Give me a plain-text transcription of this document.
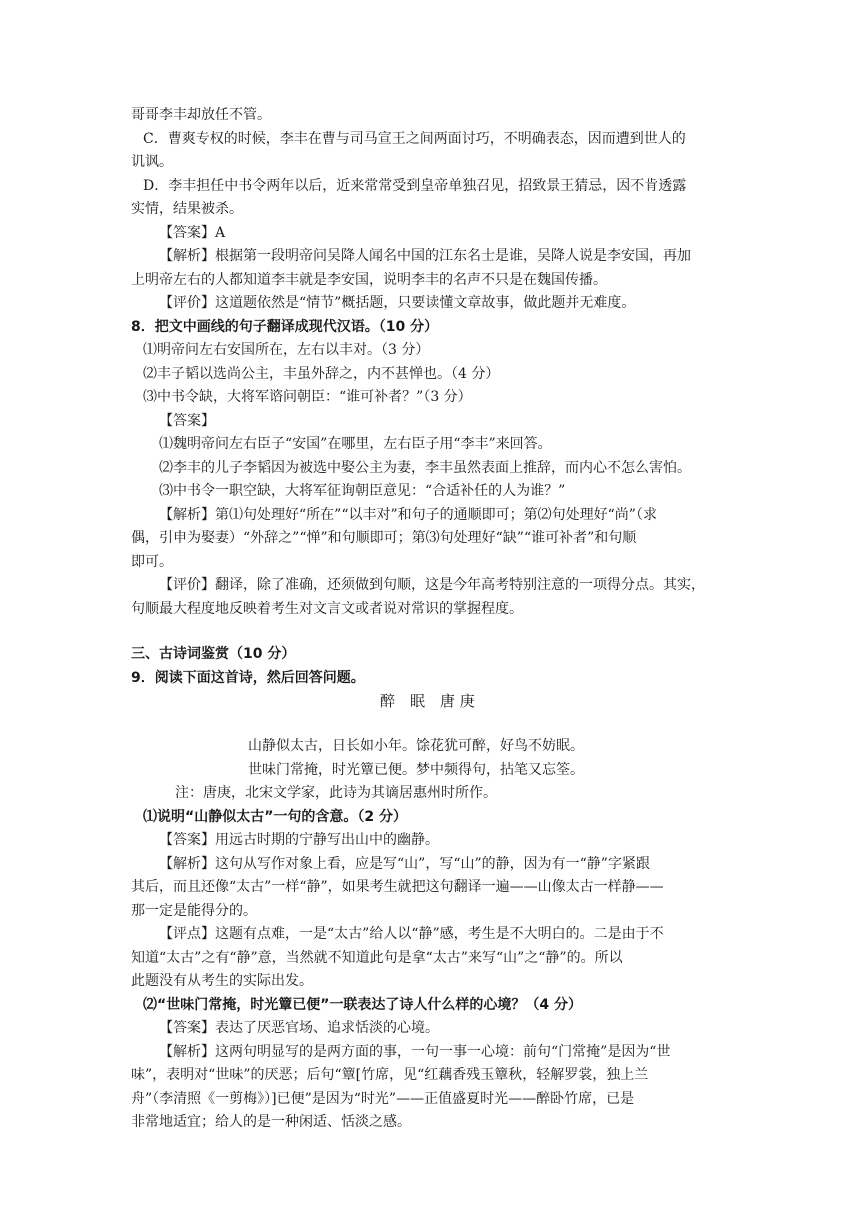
哥哥李丰却放任不管。
C．曹爽专权的时候，李丰在曹与司马宣王之间两面讨巧，不明确表态，因而遭到世人的
讥讽。
D．李丰担任中书令两年以后，近来常常受到皇帝单独召见，招致景王猜忌，因不肯透露
实情，结果被杀。
【答案】A
【解析】根据第一段明帝问吴降人闻名中国的江东名士是谁，吴降人说是李安国，再加
上明帝左右的人都知道李丰就是李安国，说明李丰的名声不只是在魏国传播。
【评价】这道题依然是“情节”概括题，只要读懂文章故事，做此题并无难度。
8．把文中画线的句子翻译成现代汉语。（10 分）
⑴明帝问左右安国所在，左右以丰对。（3 分）
⑵丰子韬以选尚公主，丰虽外辞之，内不甚惮也。（4 分）
⑶中书令缺，大将军谘问朝臣：“谁可补者？”（3 分）
【答案】
⑴魏明帝问左右臣子“安国”在哪里，左右臣子用“李丰”来回答。
⑵李丰的儿子李韬因为被选中娶公主为妻，李丰虽然表面上推辞，而内心不怎么害怕。
⑶中书令一职空缺，大将军征询朝臣意见：“合适补任的人为谁？”
【解析】第⑴句处理好“所在”“以丰对”和句子的通顺即可；第⑵句处理好“尚”（求
偶，引申为娶妻）“外辞之”“惮”和句顺即可；第⑶句处理好“缺”“谁可补者”和句顺
即可。
【评价】翻译，除了准确，还须做到句顺，这是今年高考特别注意的一项得分点。其实，
句顺最大程度地反映着考生对文言文或者说对常识的掌握程度。
三、古诗词鉴赏（10 分）
9．阅读下面这首诗，然后回答问题。
醉　眠　唐 庚
山静似太古，日长如小年。馀花犹可醉，好鸟不妨眠。
世味门常掩，时光簟已便。梦中频得句，拈笔又忘筌。
注：唐庚，北宋文学家，此诗为其谪居惠州时所作。
⑴说明“山静似太古”一句的含意。（2 分）
【答案】用远古时期的宁静写出山中的幽静。
【解析】这句从写作对象上看，应是写“山”，写“山”的静，因为有一“静”字紧跟
其后，而且还像“太古”一样“静”，如果考生就把这句翻译一遍——山像太古一样静——
那一定是能得分的。
【评点】这题有点难，一是“太古”给人以“静”感，考生是不大明白的。二是由于不
知道“太古”之有“静”意，当然就不知道此句是拿“太古”来写“山”之“静”的。所以
此题没有从考生的实际出发。
⑵“世味门常掩，时光簟已便”一联表达了诗人什么样的心境？（4 分）
【答案】表达了厌恶官场、追求恬淡的心境。
【解析】这两句明显写的是两方面的事，一句一事一心境：前句“门常掩”是因为“世
味”，表明对“世味”的厌恶；后句“簟[竹席，见“红藕香残玉簟秋，轻解罗裳，独上兰
舟”（李清照《一剪梅》）]已便”是因为“时光”——正值盛夏时光——醉卧竹席，已是
非常地适宜；给人的是一种闲适、恬淡之感。
